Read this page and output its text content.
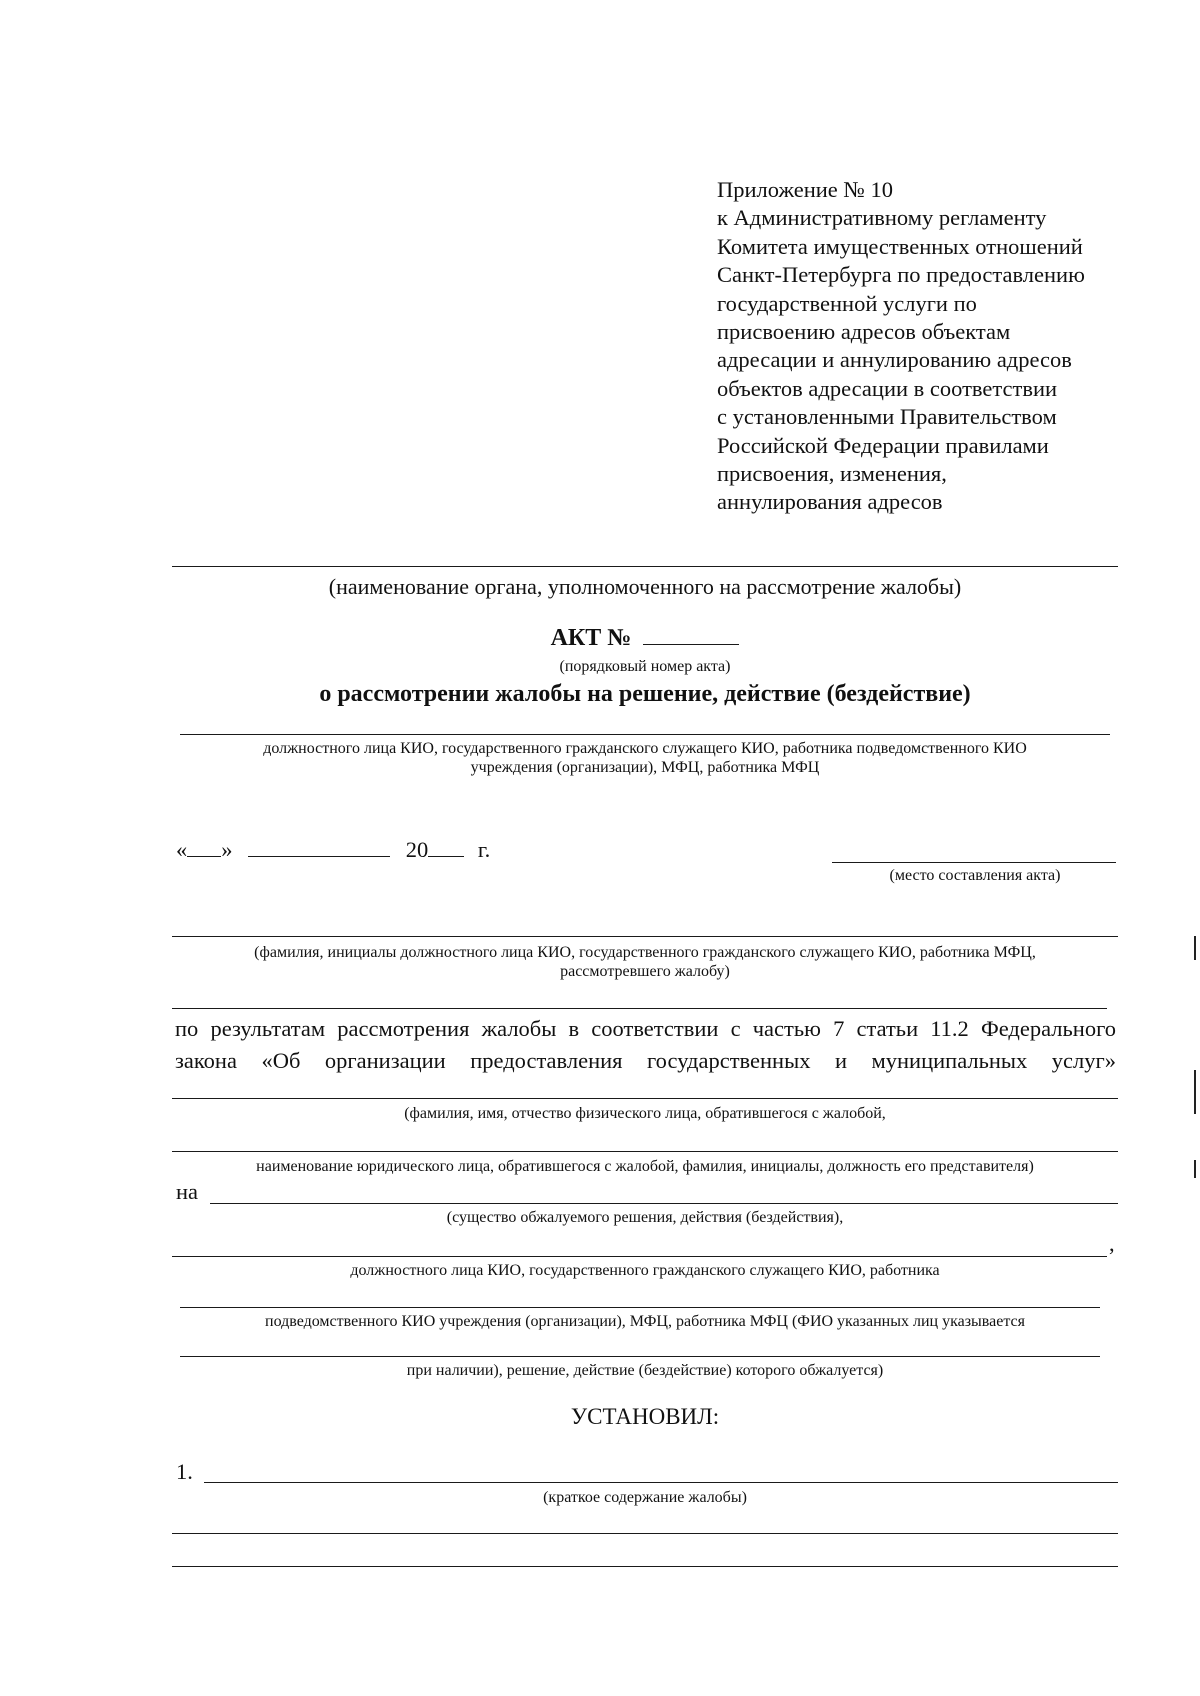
Приложение № 10
к Административному регламенту
Комитета имущественных отношений
Санкт-Петербурга по предоставлению
государственной услуги по
присвоению адресов объектам
адресации и аннулированию адресов
объектов адресации в соответствии
с установленными Правительством
Российской Федерации правилами
присвоения, изменения,
аннулирования адресов
(наименование органа, уполномоченного на рассмотрение жалобы)
АКТ №
(порядковый номер акта)
о рассмотрении жалобы на решение, действие (бездействие)
должностного лица КИО, государственного гражданского служащего КИО, работника подведомственного КИО
учреждения (организации), МФЦ, работника МФЦ
« »	20 г.
(место составления акта)
(фамилия, инициалы должностного лица КИО, государственного гражданского служащего КИО, работника МФЦ,
рассмотревшего жалобу)
по результатам рассмотрения жалобы в соответствии с частью 7 статьи 11.2 Федерального
закона «Об организации предоставления государственных и муниципальных услуг»
(фамилия, имя, отчество физического лица, обратившегося с жалобой,
наименование юридического лица, обратившегося с жалобой, фамилия, инициалы, должность его представителя)
на
(существо обжалуемого решения, действия (бездействия),
,
должностного лица КИО, государственного гражданского служащего КИО, работника
подведомственного КИО учреждения (организации), МФЦ, работника МФЦ (ФИО указанных лиц указывается
при наличии), решение, действие (бездействие) которого обжалуется)
УСТАНОВИЛ:
1.
(краткое содержание жалобы)
